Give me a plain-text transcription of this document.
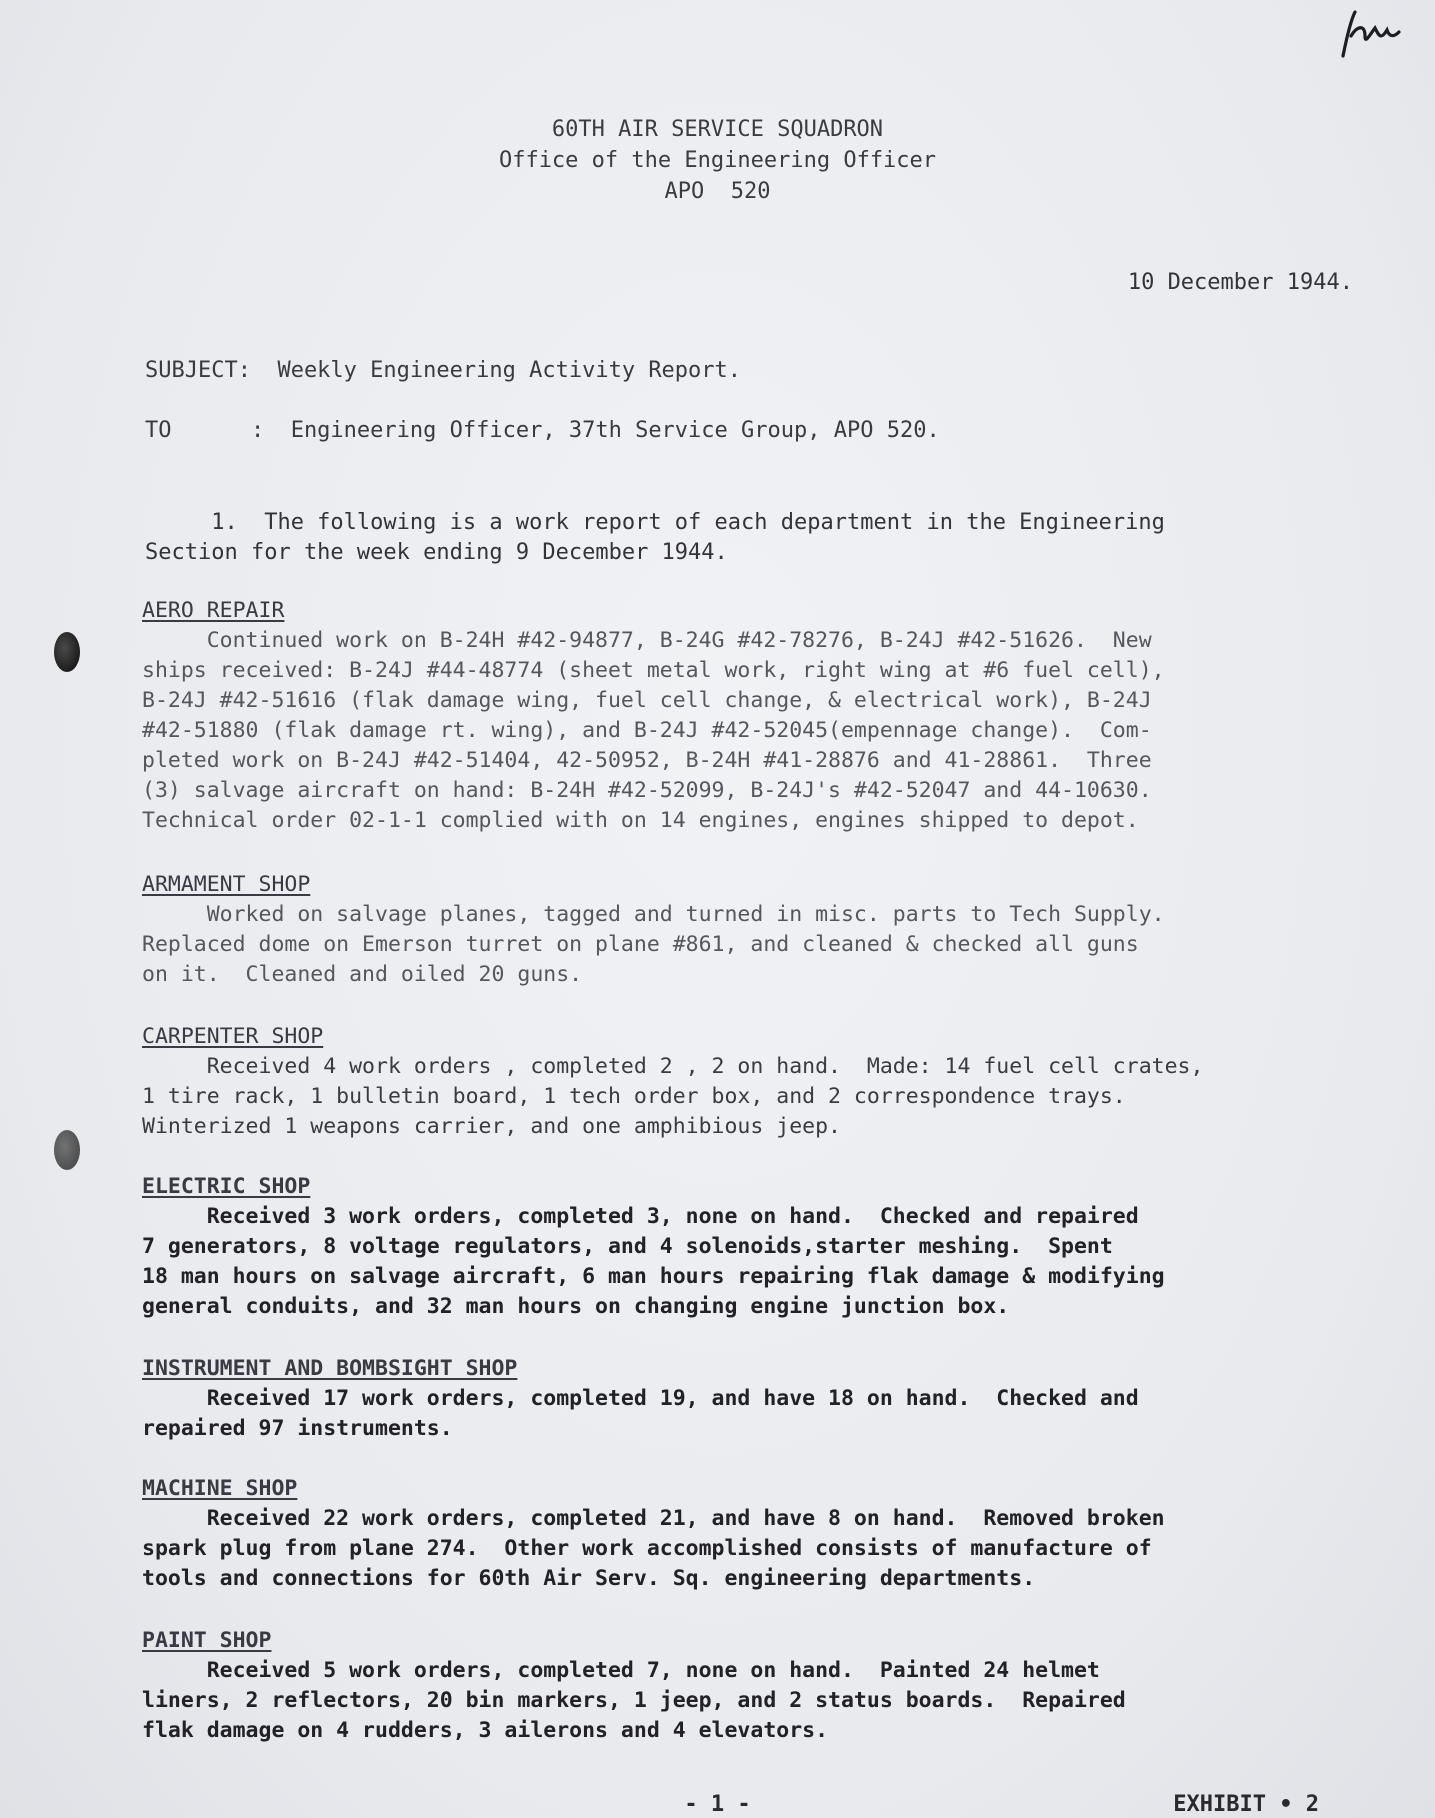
60TH AIR SERVICE SQUADRON
Office of the Engineering Officer
APO  520
10 December 1944.
SUBJECT:  Weekly Engineering Activity Report.
TO      :  Engineering Officer, 37th Service Group, APO 520.
1.  The following is a work report of each department in the Engineering
Section for the week ending 9 December 1944.
AERO REPAIR
Continued work on B-24H #42-94877, B-24G #42-78276, B-24J #42-51626.  New
ships received: B-24J #44-48774 (sheet metal work, right wing at #6 fuel cell),
B-24J #42-51616 (flak damage wing, fuel cell change, & electrical work), B-24J
#42-51880 (flak damage rt. wing), and B-24J #42-52045(empennage change).  Com-
pleted work on B-24J #42-51404, 42-50952, B-24H #41-28876 and 41-28861.  Three
(3) salvage aircraft on hand: B-24H #42-52099, B-24J's #42-52047 and 44-10630.
Technical order 02-1-1 complied with on 14 engines, engines shipped to depot.
ARMAMENT SHOP
Worked on salvage planes, tagged and turned in misc. parts to Tech Supply.
Replaced dome on Emerson turret on plane #861, and cleaned & checked all guns
on it.  Cleaned and oiled 20 guns.
CARPENTER SHOP
Received 4 work orders , completed 2 , 2 on hand.  Made: 14 fuel cell crates,
1 tire rack, 1 bulletin board, 1 tech order box, and 2 correspondence trays.
Winterized 1 weapons carrier, and one amphibious jeep.
ELECTRIC SHOP
Received 3 work orders, completed 3, none on hand.  Checked and repaired
7 generators, 8 voltage regulators, and 4 solenoids,starter meshing.  Spent
18 man hours on salvage aircraft, 6 man hours repairing flak damage & modifying
general conduits, and 32 man hours on changing engine junction box.
INSTRUMENT AND BOMBSIGHT SHOP
Received 17 work orders, completed 19, and have 18 on hand.  Checked and
repaired 97 instruments.
MACHINE SHOP
Received 22 work orders, completed 21, and have 8 on hand.  Removed broken
spark plug from plane 274.  Other work accomplished consists of manufacture of
tools and connections for 60th Air Serv. Sq. engineering departments.
PAINT SHOP
Received 5 work orders, completed 7, none on hand.  Painted 24 helmet
liners, 2 reflectors, 20 bin markers, 1 jeep, and 2 status boards.  Repaired
flak damage on 4 rudders, 3 ailerons and 4 elevators.
- 1 -	EXHIBIT • 2
